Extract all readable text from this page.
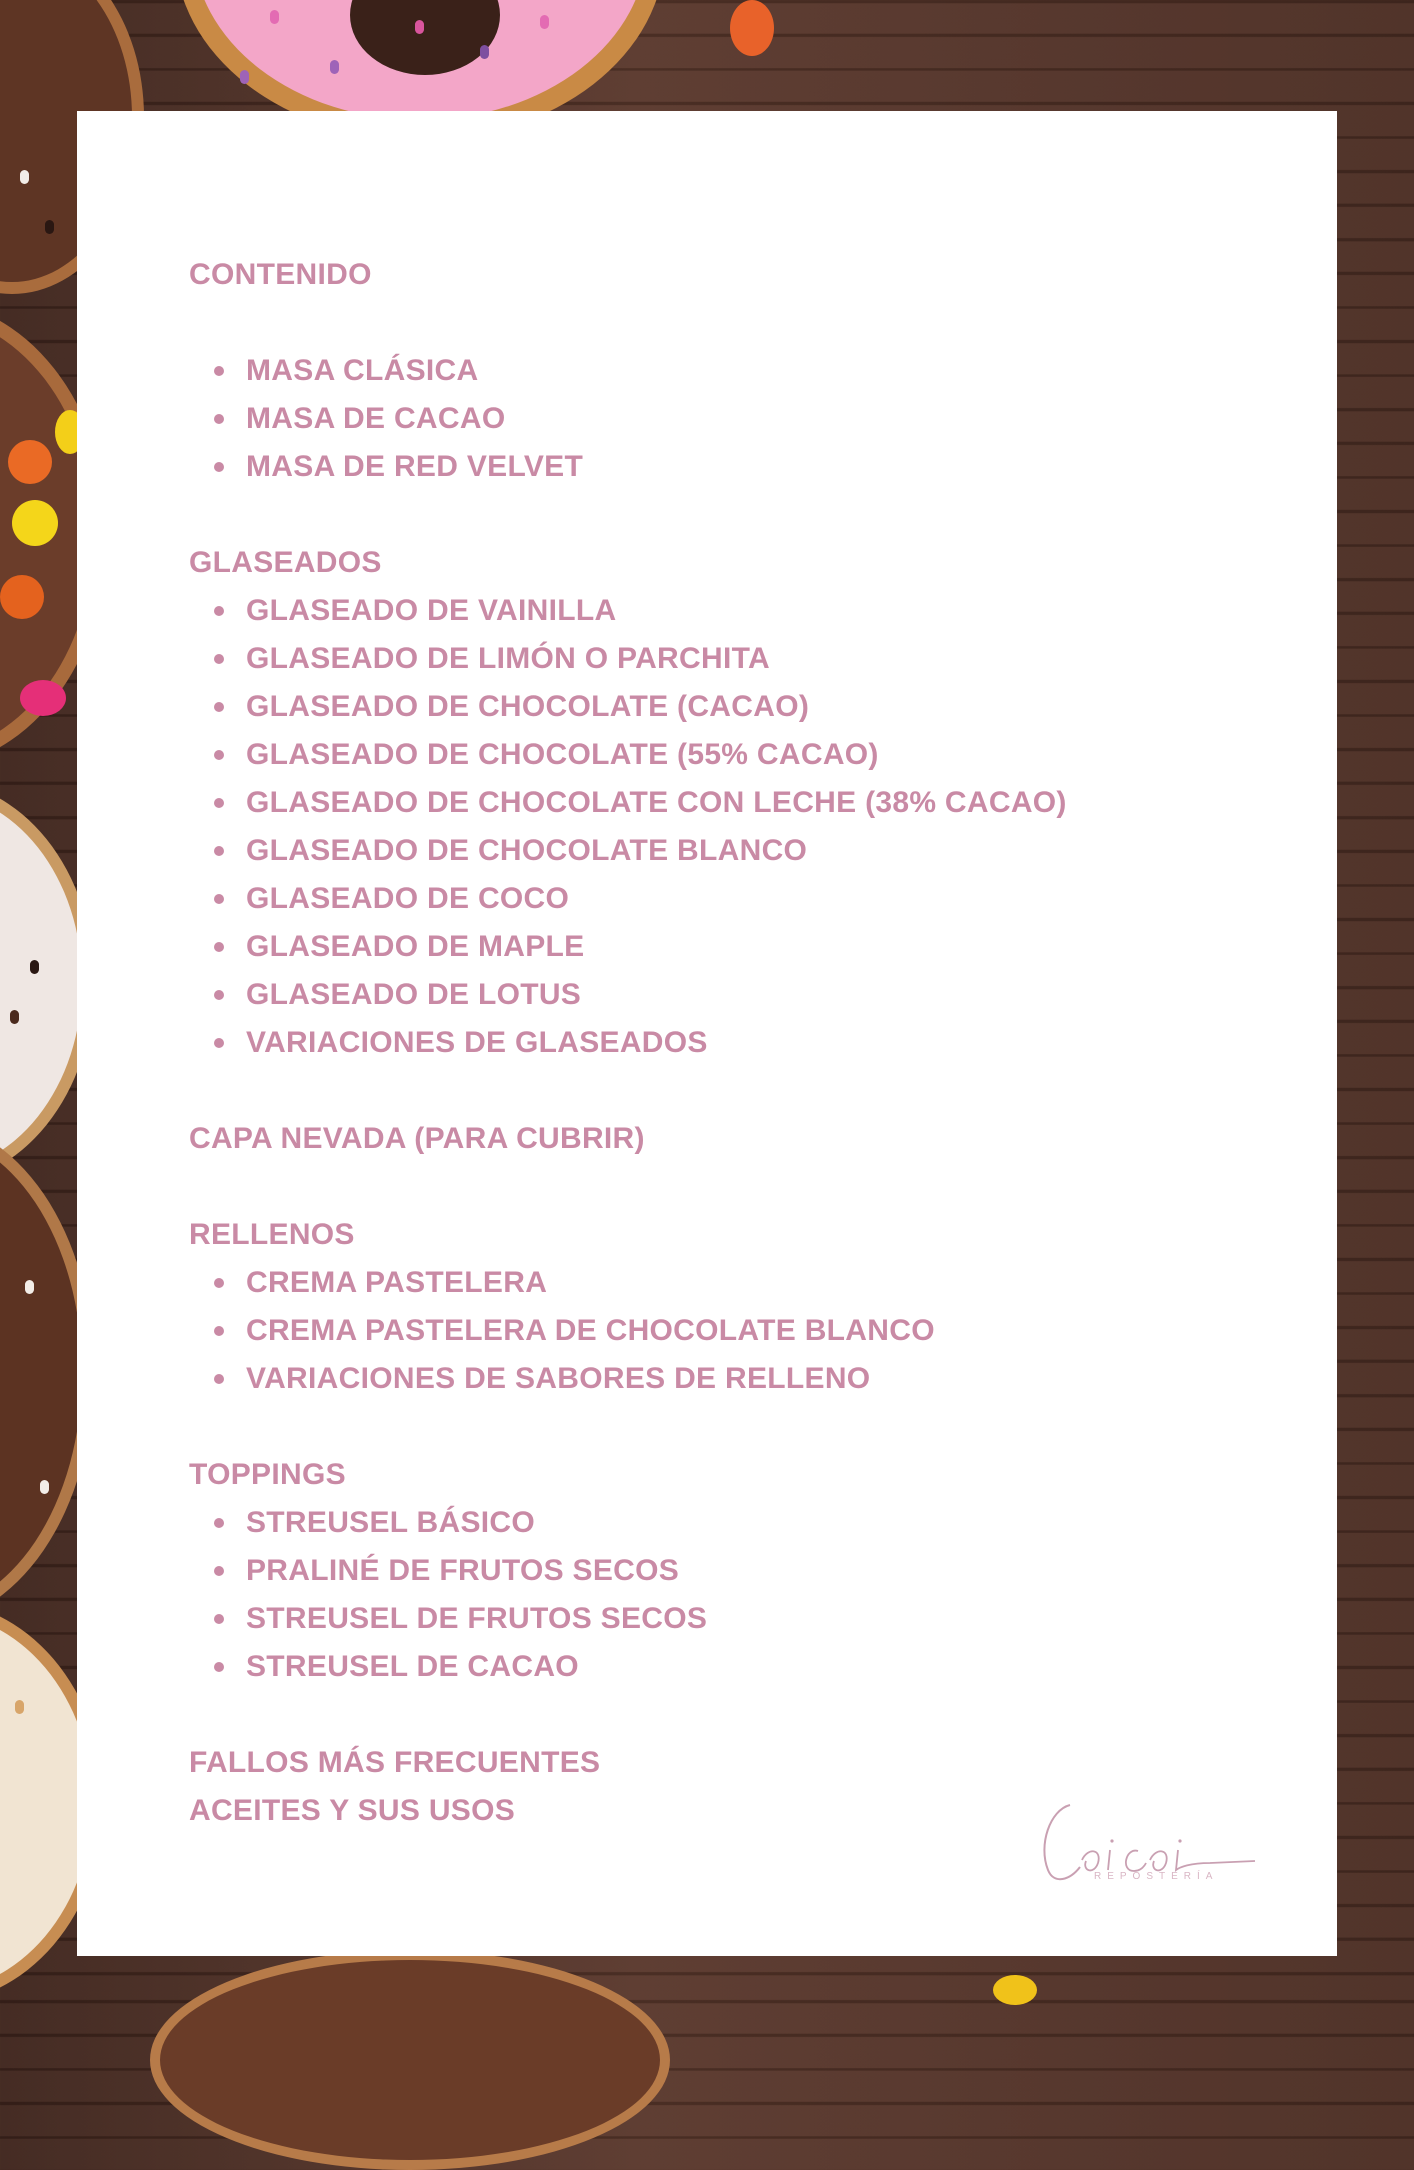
CONTENIDO

MASA CLÁSICA
MASA DE CACAO
MASA DE RED VELVET

GLASEADOS

GLASEADO DE VAINILLA
GLASEADO DE LIMÓN O PARCHITA
GLASEADO DE CHOCOLATE (CACAO)
GLASEADO DE CHOCOLATE (55% CACAO)
GLASEADO DE CHOCOLATE CON LECHE (38% CACAO)
GLASEADO DE CHOCOLATE BLANCO
GLASEADO DE COCO
GLASEADO DE MAPLE
GLASEADO DE LOTUS
VARIACIONES DE GLASEADOS

CAPA NEVADA (PARA CUBRIR)

RELLENOS

CREMA PASTELERA
CREMA PASTELERA DE CHOCOLATE BLANCO
VARIACIONES DE SABORES DE RELLENO

TOPPINGS

STREUSEL BÁSICO
PRALINÉ DE FRUTOS SECOS
STREUSEL DE FRUTOS SECOS
STREUSEL DE CACAO

FALLOS MÁS FRECUENTES

ACEITES Y SUS USOS

REPOSTERÍA
